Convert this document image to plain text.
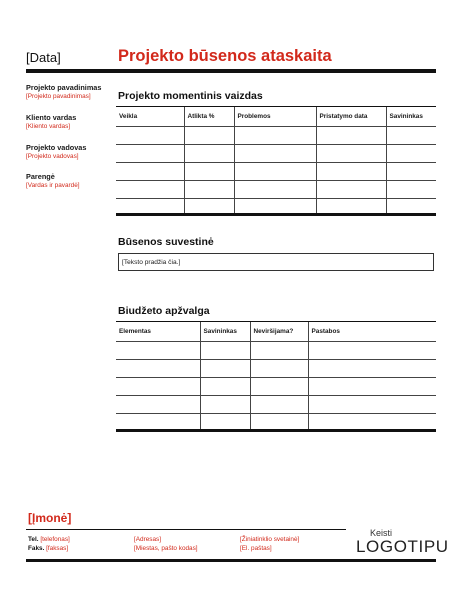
[Data]	Projekto būsenos ataskaita
Projekto pavadinimas
[Projekto pavadinimas]
Kliento vardas
[Kliento vardas]
Projekto vadovas
[Projekto vadovas]
Parengė
[Vardas ir pavardė]
Projekto momentinis vaizdas
Veikla	Atlikta %	Problemos	Pristatymo data	Savininkas

Būsenos suvestinė
[Teksto pradžia čia.]
Biudžeto apžvalga
Elementas	Savininkas	Neviršijama?	Pastabos

[Įmonė]
Tel. [telefonas]
Faks. [faksas]
[Adresas]
[Miestas, pašto kodas]
[Žiniatinklio svetainė]
[El. paštas]
Keisti
LOGOTIPU
